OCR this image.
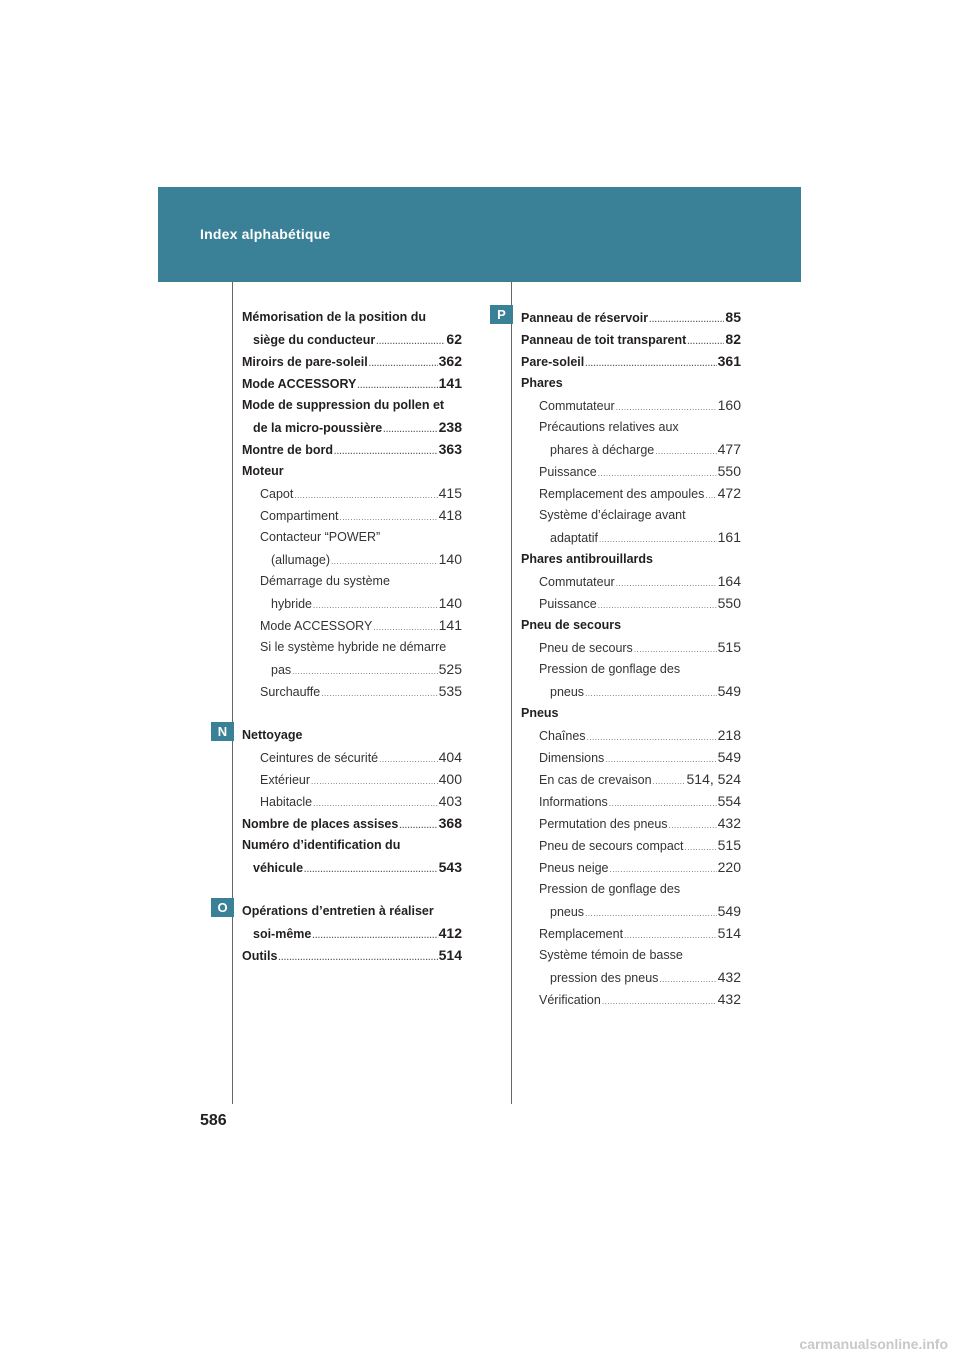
Index alphabétique
N
O
P
Mémorisation de la position du
siège du conducteur .....	62
Miroirs de pare-soleil .....	362
Mode ACCESSORY .....	141
Mode de suppression du pollen et
de la micro-poussière .....	238
Montre de bord .....	363
Moteur
Capot .....	415
Compartiment .....	418
Contacteur “POWER”
(allumage) .....	140
Démarrage du système
hybride .....	140
Mode ACCESSORY .....	141
Si le système hybride ne démarre
pas .....	525
Surchauffe .....	535
Nettoyage
Ceintures de sécurité .....	404
Extérieur .....	400
Habitacle .....	403
Nombre de places assises .....	368
Numéro d’identification du
véhicule .....	543
Opérations d’entretien à réaliser
soi-même .....	412
Outils .....	514
Panneau de réservoir .....	85
Panneau de toit transparent .....	82
Pare-soleil .....	361
Phares
Commutateur .....	160
Précautions relatives aux
phares à décharge .....	477
Puissance .....	550
Remplacement des ampoules ..... 472
Système d’éclairage avant
adaptatif .....	161
Phares antibrouillards
Commutateur .....	164
Puissance .....	550
Pneu de secours
Pneu de secours .....	515
Pression de gonflage des
pneus .....	549
Pneus
Chaînes .....	218
Dimensions .....	549
En cas de crevaison ..... 514, 524
Informations .....	554
Permutation des pneus .....	432
Pneu de secours compact ..... 515
Pneus neige .....	220
Pression de gonflage des
pneus .....	549
Remplacement .....	514
Système témoin de basse
pression des pneus .....	432
Vérification .....	432
586
carmanualsonline.info
